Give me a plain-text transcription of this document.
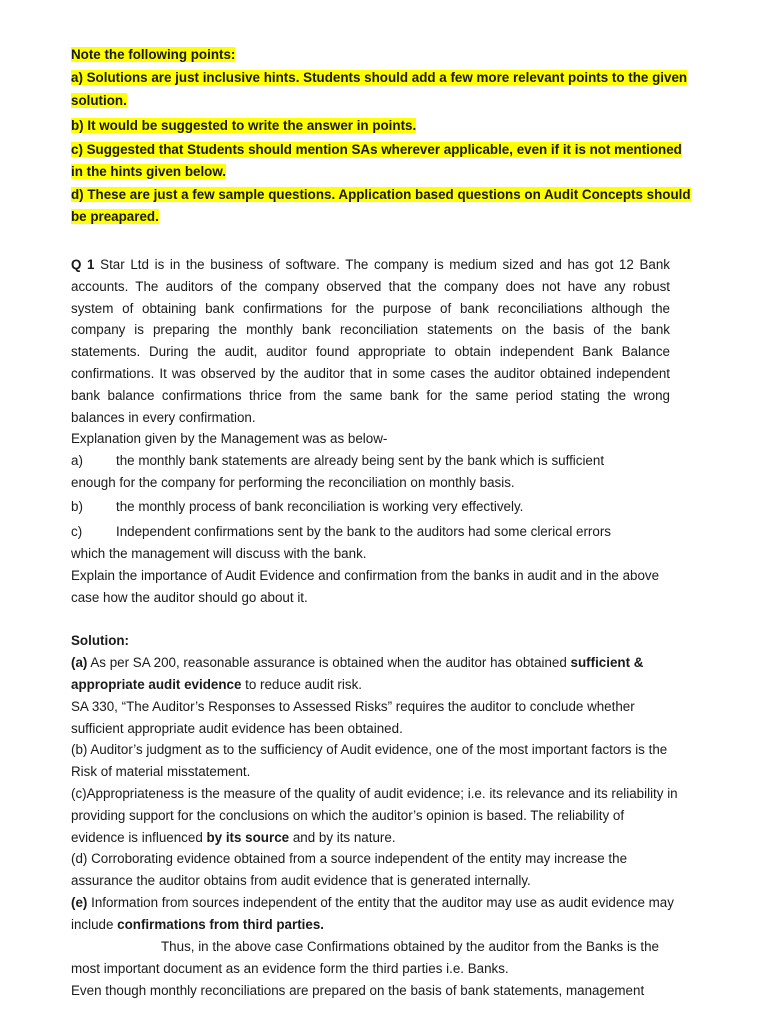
Note the following points:
a) Solutions are just inclusive hints. Students should add a few more relevant points to the given
solution.
b) It would be suggested to write the answer in points.
c) Suggested that Students should mention SAs wherever applicable, even if it is not mentioned
in the hints given below.
d) These are just a few sample questions. Application based questions on Audit Concepts should
be preapared.
Q 1 Star Ltd is in the business of software. The company is medium sized and has got 12 Bank
accounts. The auditors of the company observed that the company does not have any robust
system of obtaining bank confirmations for the purpose of bank reconciliations although the
company is preparing the monthly bank reconciliation statements on the basis of the bank
statements. During the audit, auditor found appropriate to obtain independent Bank Balance
confirmations. It was observed by the auditor that in some cases the auditor obtained independent
bank balance confirmations thrice from the same bank for the same period stating the wrong
balances in every confirmation.
Explanation given by the Management was as below-
a) the monthly bank statements are already being sent by the bank which is sufficient
enough for the company for performing the reconciliation on monthly basis.
b) the monthly process of bank reconciliation is working very effectively.
c)	Independent confirmations sent by the bank to the auditors had some clerical errors
which the management will discuss with the bank.
Explain the importance of Audit Evidence and confirmation from the banks in audit and in the above
case how the auditor should go about it.
Solution:
(a) As per SA 200, reasonable assurance is obtained when the auditor has obtained sufficient &
appropriate audit evidence to reduce audit risk.
SA 330, “The Auditor’s Responses to Assessed Risks” requires the auditor to conclude whether
sufficient appropriate audit evidence has been obtained.
(b) Auditor’s judgment as to the sufficiency of Audit evidence, one of the most important factors is the
Risk of material misstatement.
(c)Appropriateness is the measure of the quality of audit evidence; i.e. its relevance and its reliability in
providing support for the conclusions on which the auditor’s opinion is based. The reliability of
evidence is influenced by its source and by its nature.
(d) Corroborating evidence obtained from a source independent of the entity may increase the
assurance the auditor obtains from audit evidence that is generated internally.
(e) Information from sources independent of the entity that the auditor may use as audit evidence may
include confirmations from third parties.
Thus, in the above case Confirmations obtained by the auditor from the Banks is the
most important document as an evidence form the third parties i.e. Banks.
Even though monthly reconciliations are prepared on the basis of bank statements, management
